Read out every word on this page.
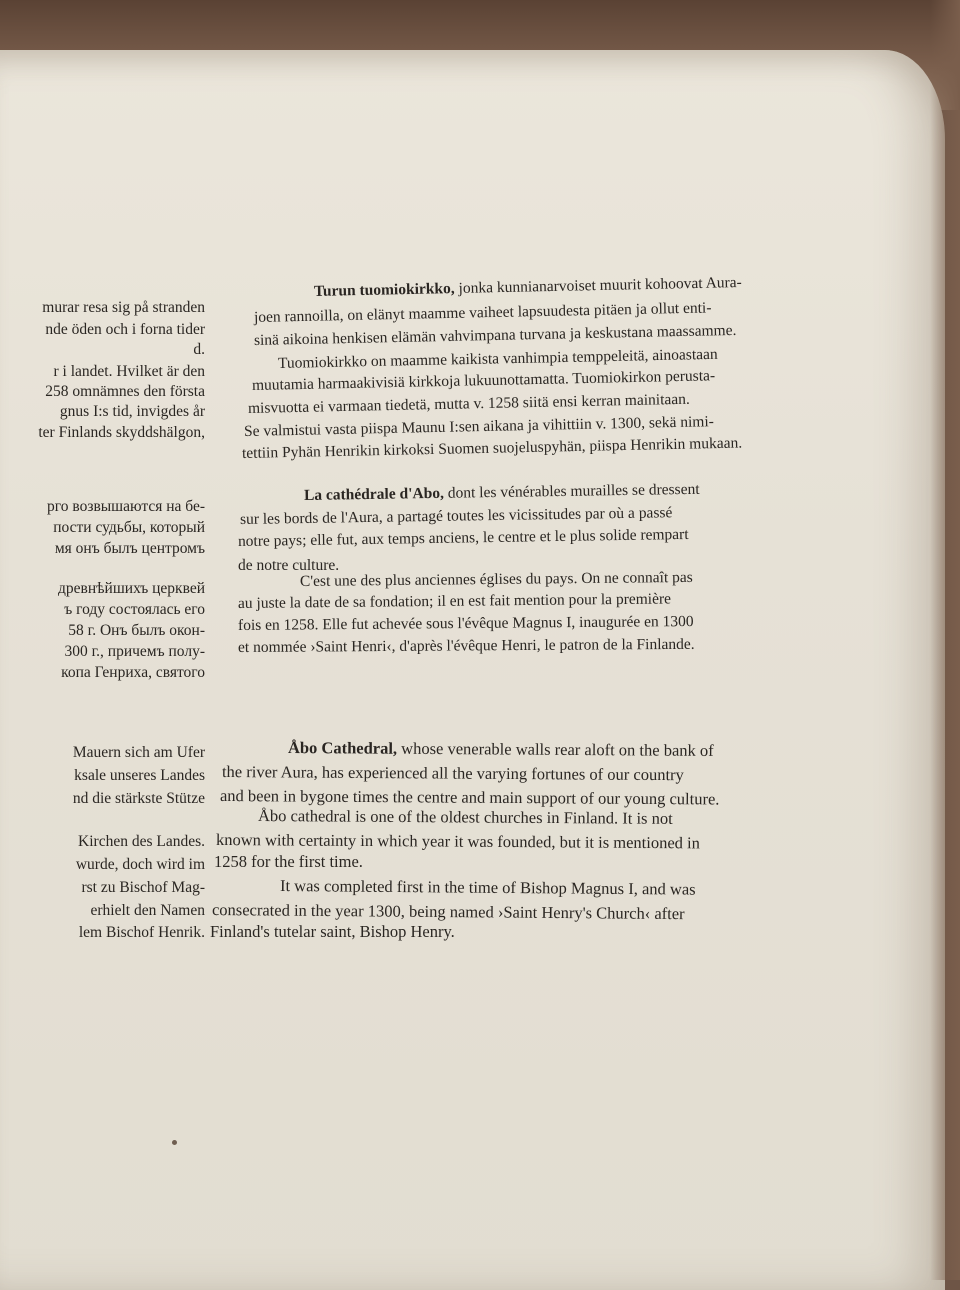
murar resa sig på stranden
nde öden och i forna tider
d.
r i landet. Hvilket är den
258 omnämnes den första
gnus I:s tid, invigdes år
ter Finlands skyddshälgon,
рго возвышаются на бе-
пости судьбы, который
мя онъ былъ центромъ
древнѣйшихъ церквей
ъ году состоялась его
58 г. Онъ былъ окон-
300 г., причемъ полу-
копа Генриха, святого
Mauern sich am Ufer
ksale unseres Landes
nd die stärkste Stütze
Kirchen des Landes.
wurde, doch wird im
rst zu Bischof Mag-
erhielt den Namen
lem Bischof Henrik.
Turun tuomiokirkko, jonka kunnianarvoiset muurit kohoovat Aura-
joen rannoilla, on elänyt maamme vaiheet lapsuudesta pitäen ja ollut enti-
sinä aikoina henkisen elämän vahvimpana turvana ja keskustana maassamme.
Tuomiokirkko on maamme kaikista vanhimpia temppeleitä, ainoastaan
muutamia harmaakivisiä kirkkoja lukuunottamatta. Tuomiokirkon perusta-
misvuotta ei varmaan tiedetä, mutta v. 1258 siitä ensi kerran mainitaan.
Se valmistui vasta piispa Maunu I:sen aikana ja vihittiin v. 1300, sekä nimi-
tettiin Pyhän Henrikin kirkoksi Suomen suojeluspyhän, piispa Henrikin mukaan.
La cathédrale d'Abo, dont les vénérables murailles se dressent
sur les bords de l'Aura, a partagé toutes les vicissitudes par où a passé
notre pays; elle fut, aux temps anciens, le centre et le plus solide rempart
de notre culture.
C'est une des plus anciennes églises du pays. On ne connaît pas
au juste la date de sa fondation; il en est fait mention pour la première
fois en 1258. Elle fut achevée sous l'évêque Magnus I, inaugurée en 1300
et nommée ›Saint Henri‹, d'après l'évêque Henri, le patron de la Finlande.
Åbo Cathedral, whose venerable walls rear aloft on the bank of
the river Aura, has experienced all the varying fortunes of our country
and been in bygone times the centre and main support of our young culture.
Åbo cathedral is one of the oldest churches in Finland. It is not
known with certainty in which year it was founded, but it is mentioned in
1258 for the first time.
It was completed first in the time of Bishop Magnus I, and was
consecrated in the year 1300, being named ›Saint Henry's Church‹ after
Finland's tutelar saint, Bishop Henry.
